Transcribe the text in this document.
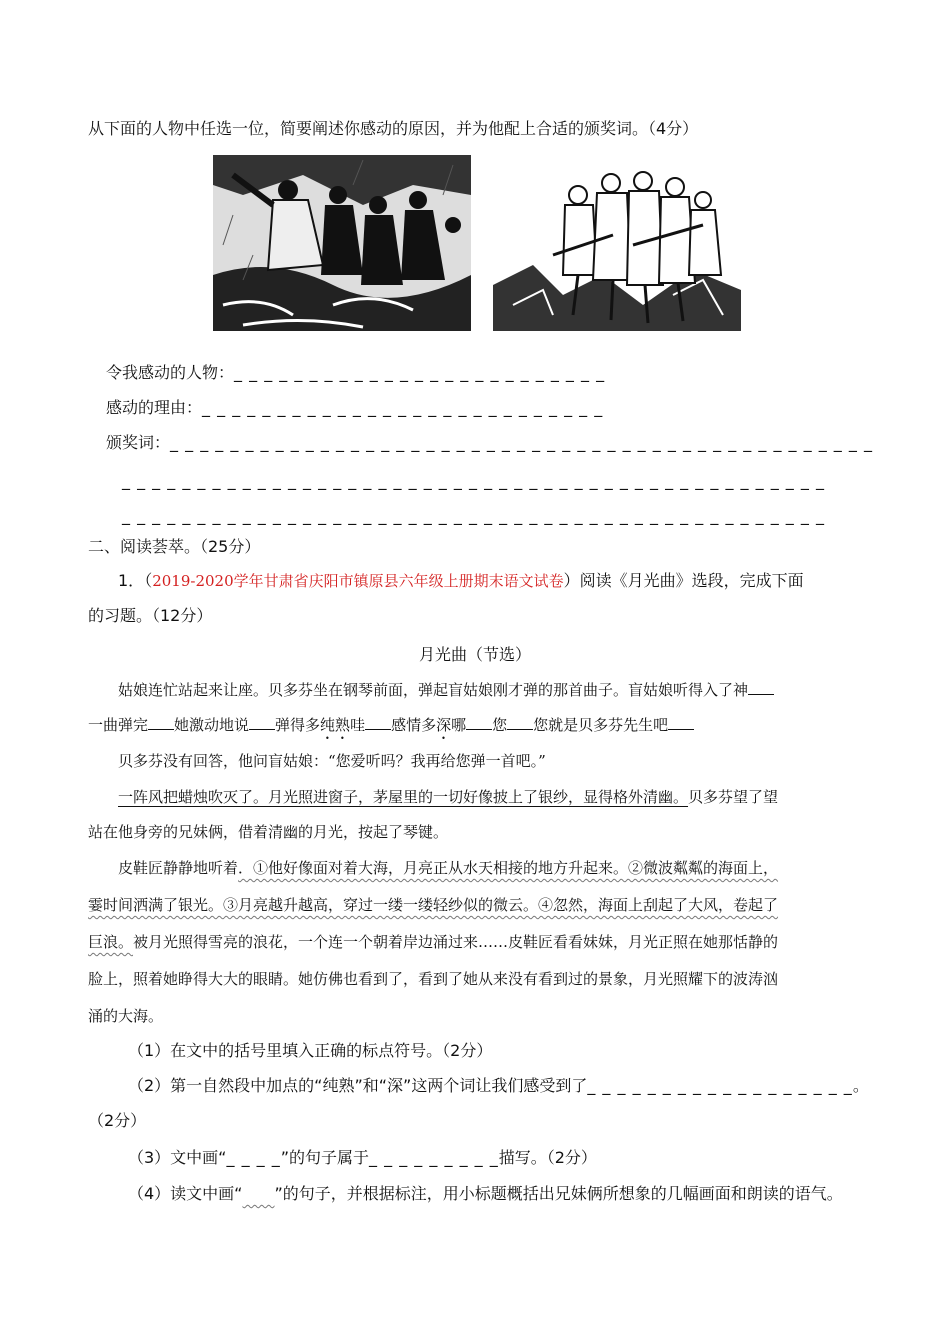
从下面的人物中任选一位，简要阐述你感动的原因，并为他配上合适的颁奖词。（4分）
令我感动的人物：_ _ _ _ _ _ _ _ _ _ _ _ _ _ _ _ _ _ _ _ _ _ _ _ _
感动的理由：_ _ _ _ _ _ _ _ _ _ _ _ _ _ _ _ _ _ _ _ _ _ _ _ _ _ _
颁奖词：_ _ _ _ _ _ _ _ _ _ _ _ _ _ _ _ _ _ _ _ _ _ _ _ _ _ _ _ _ _ _ _ _ _ _ _ _ _ _ _ _ _ _ _ _ _ _
_ _ _ _ _ _ _ _ _ _ _ _ _ _ _ _ _ _ _ _ _ _ _ _ _ _ _ _ _ _ _ _ _ _ _ _ _ _ _ _ _ _ _ _ _ _ _
_ _ _ _ _ _ _ _ _ _ _ _ _ _ _ _ _ _ _ _ _ _ _ _ _ _ _ _ _ _ _ _ _ _ _ _ _ _ _ _ _ _ _ _ _ _ _
二、阅读荟萃。（25分）
1．（2019-2020学年甘肃省庆阳市镇原县六年级上册期末语文试卷）阅读《月光曲》选段，完成下面
的习题。（12分）
月光曲（节选）
姑娘连忙站起来让座。贝多芬坐在钢琴前面，弹起盲姑娘刚才弹的那首曲子。盲姑娘听得入了神
一曲弹完 她激动地说 弹得多纯熟哇 感情多深哪 您 您就是贝多芬先生吧
贝多芬没有回答，他问盲姑娘：“您爱听吗？我再给您弹一首吧。”
一阵风把蜡烛吹灭了。月光照进窗子，茅屋里的一切好像披上了银纱，显得格外清幽。贝多芬望了望
站在他身旁的兄妹俩，借着清幽的月光，按起了琴键。
皮鞋匠静静地听着．①他好像面对着大海，月亮正从水天相接的地方升起来。②微波粼粼的海面上，
霎时间洒满了银光。③月亮越升越高，穿过一缕一缕轻纱似的微云。④忽然，海面上刮起了大风，卷起了
巨浪。被月光照得雪亮的浪花，一个连一个朝着岸边涌过来……皮鞋匠看看妹妹，月光正照在她那恬静的
脸上，照着她睁得大大的眼睛。她仿佛也看到了，看到了她从来没有看到过的景象，月光照耀下的波涛汹
涌的大海。
（1）在文中的括号里填入正确的标点符号。（2分）
（2）第一自然段中加点的“纯熟”和“深”这两个词让我们感受到了_ _ _ _ _ _ _ _ _ _ _ _ _ _ _ _ _ _。
（2分）
（3）文中画“_ _ _ _”的句子属于_ _ _ _ _ _ _ _ _描写。（2分）
（4）读文中画“　　 ”的句子，并根据标注，用小标题概括出兄妹俩所想象的几幅画面和朗读的语气。
